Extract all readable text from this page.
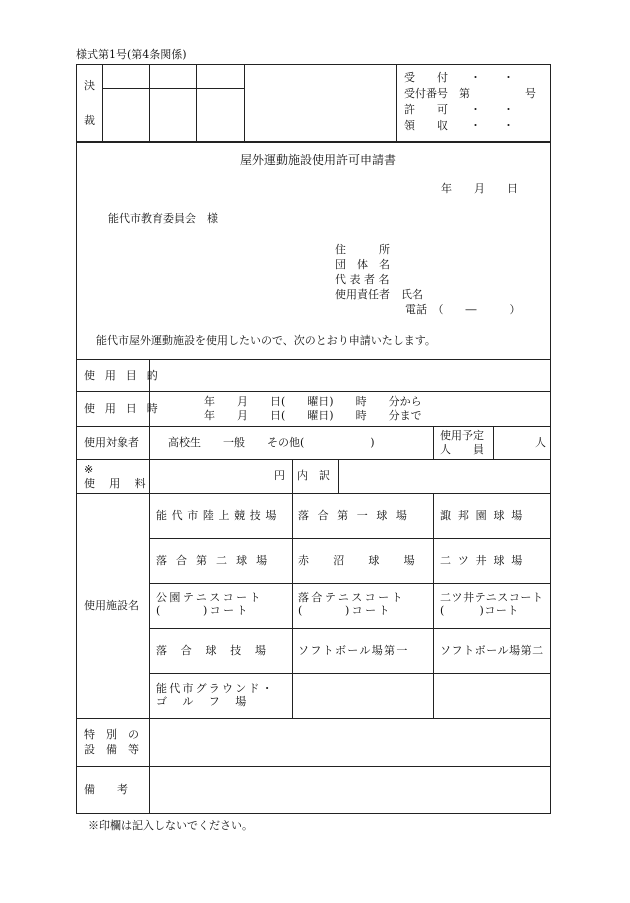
様式第1号(第4条関係)
決
裁
受　　付　　・　　・
受付番号　第　　　　　号
許　　可　　・　　・
領　　収　　・　　・
屋外運動施設使用許可申請書
年　　月　　日
能代市教育委員会　様
住　　　所
団　体　名
代 表 者 名
使用責任者　氏名
電話　（　　―　　　）
能代市屋外運動施設を使用したいので、次のとおり申請いたします。
使用目的
使用日時
年　　月　　日(　　曜日)　　時　　分から
年　　月　　日(　　曜日)　　時　　分まで
使用対象者	高校生　　一般　　その他(　　　　　　)
使用予定
人　　員
人
※
使用料
円 内　訳
使用施設名
能代市陸上競技場 落合第一球場 諏邦園球場
落合第二球場 赤　沼　球　場 二ツ井球場
公園テニスコート
(　　　)コート
落合テニスコート
(　　　)コート
二ツ井テニスコート
(　　　)コート
落合球技場 ソフトボール場第一	ソフトボール場第二
能代市グラウンド・
ゴ　ル　フ　場
特　別　の
設　備　等
備　　考
※印欄は記入しないでください。
